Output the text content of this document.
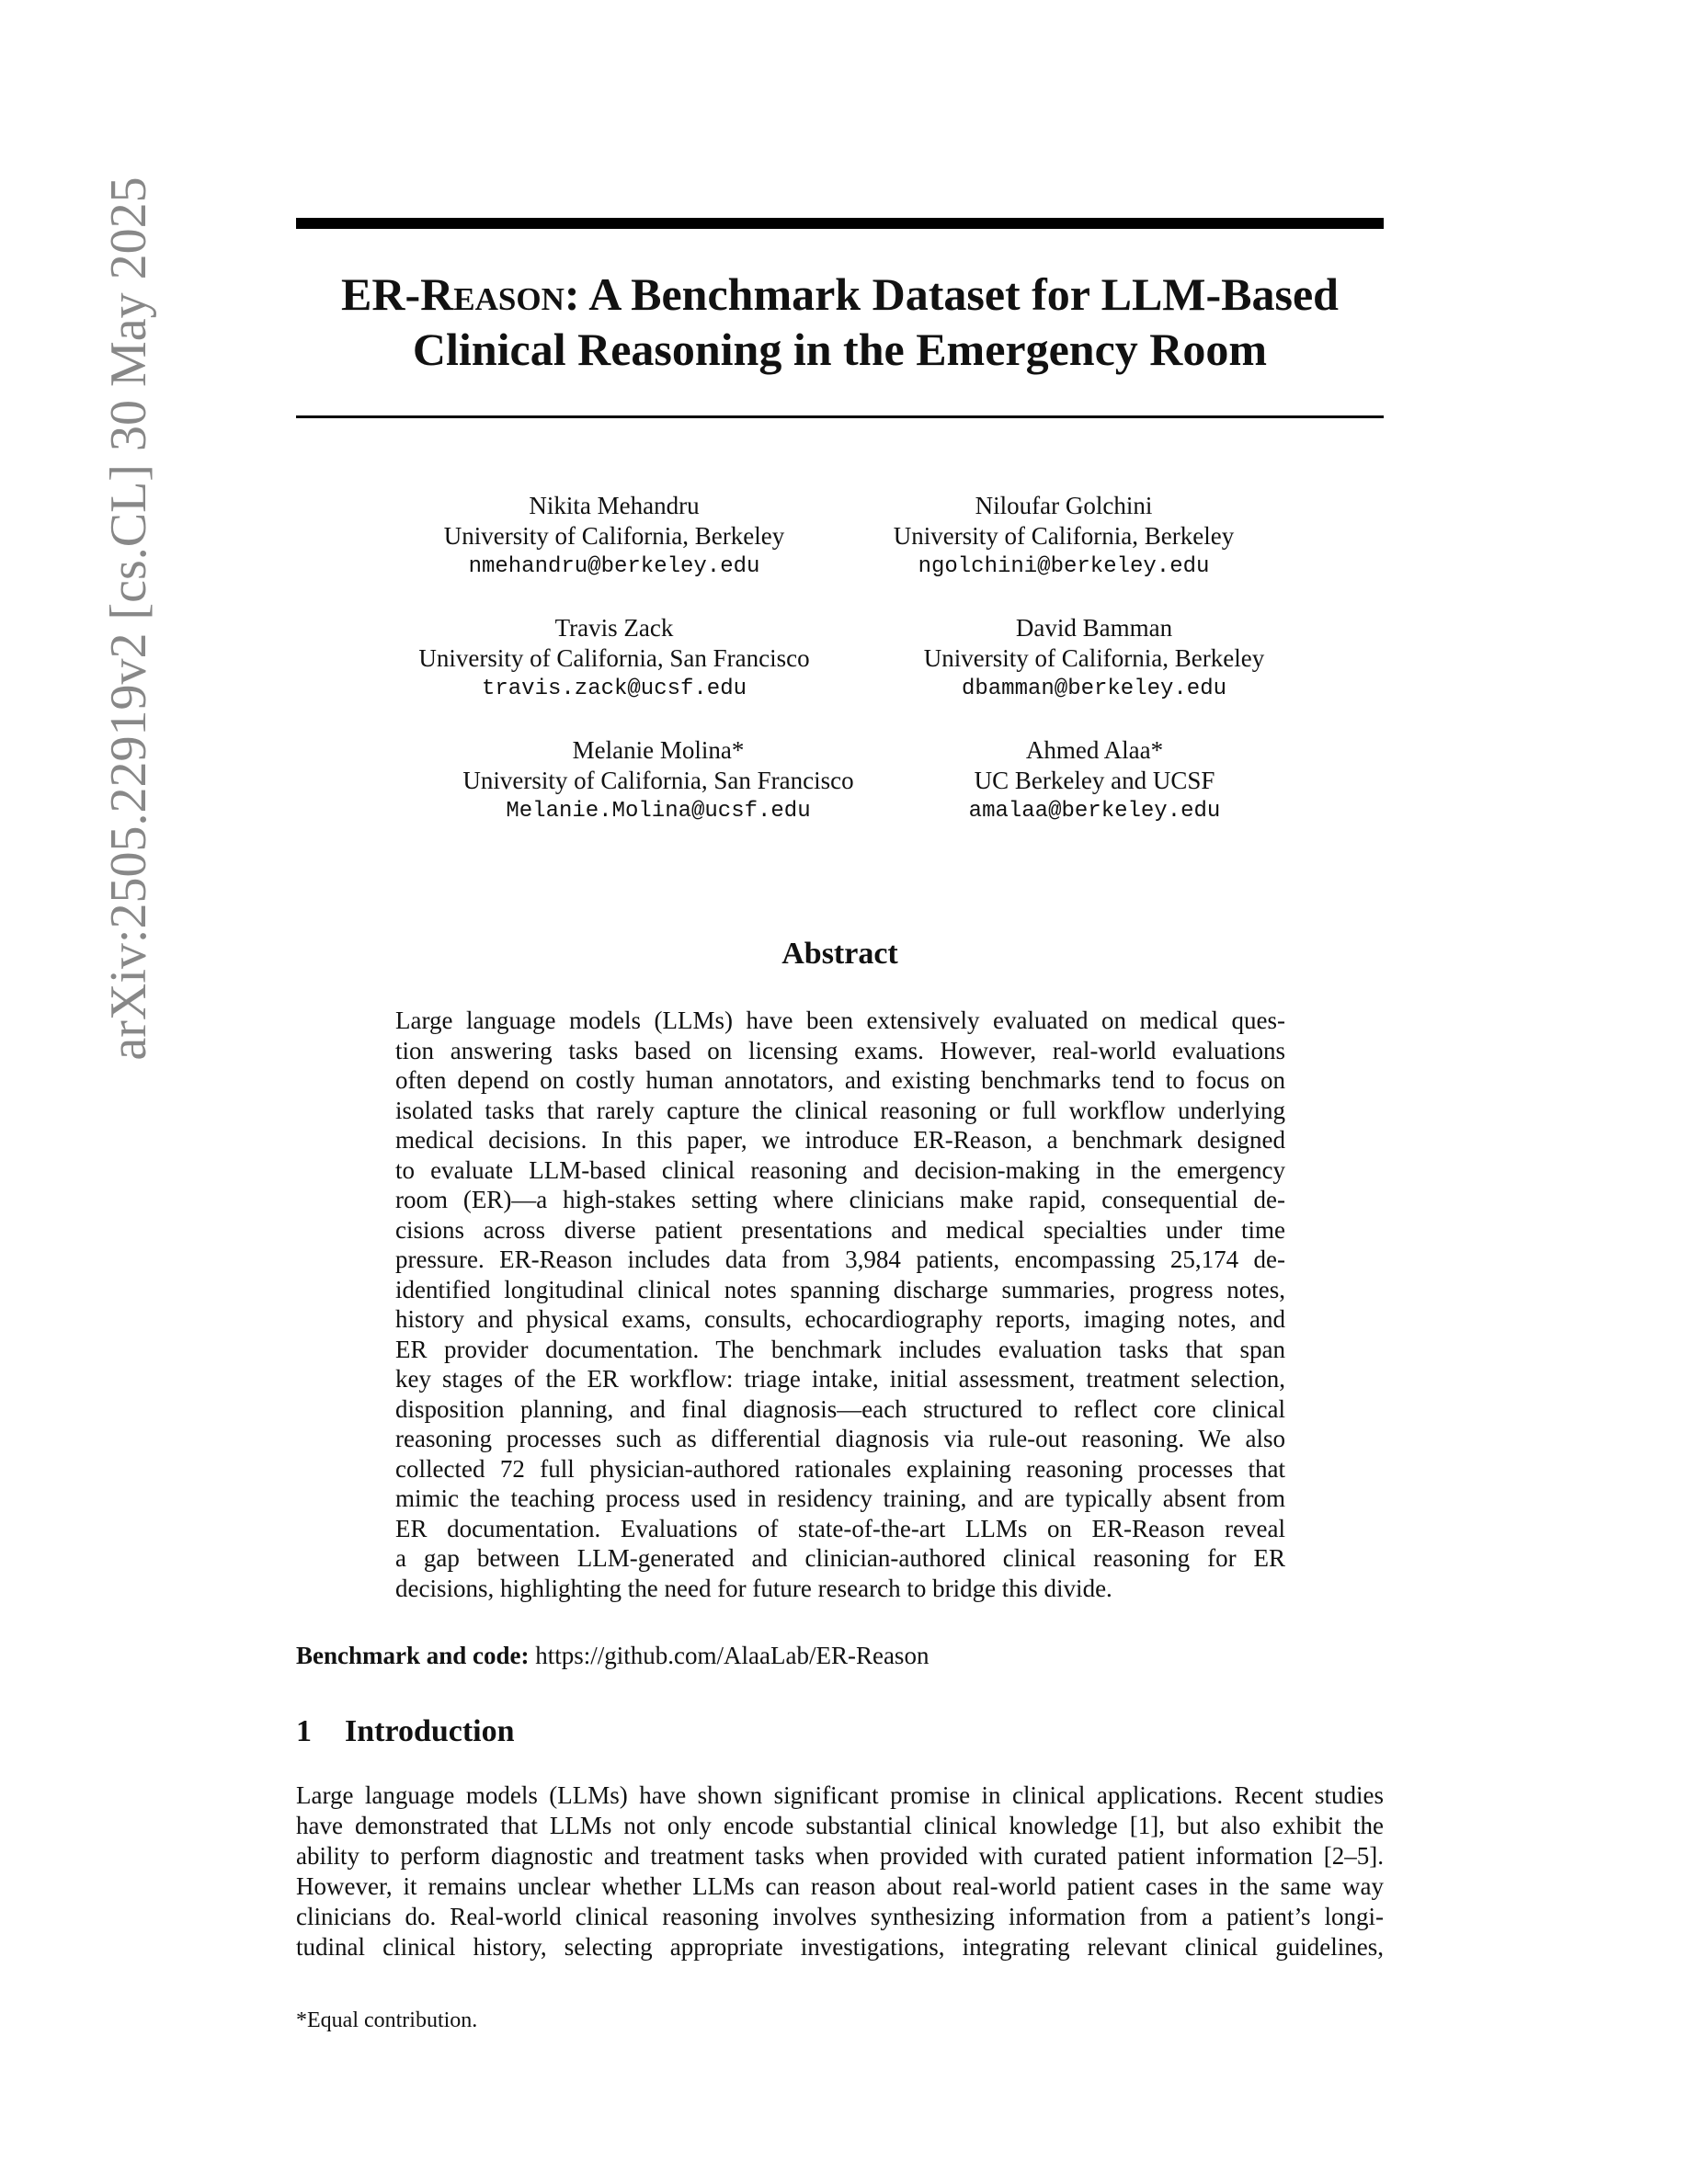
arXiv:2505.22919v2 [cs.CL] 30 May 2025	ER-Reason: A Benchmark Dataset for LLM-Based
Clinical Reasoning in the Emergency Room
Nikita Mehandru
University of California, Berkeley
nmehandru@berkeley.edu
Niloufar Golchini
University of California, Berkeley
ngolchini@berkeley.edu
Travis Zack
University of California, San Francisco
travis.zack@ucsf.edu
David Bamman
University of California, Berkeley
dbamman@berkeley.edu
Melanie Molina*
University of California, San Francisco
Melanie.Molina@ucsf.edu
Ahmed Alaa*
UC Berkeley and UCSF
amalaa@berkeley.edu
Abstract
Large language models (LLMs) have been extensively evaluated on medical ques-
tion answering tasks based on licensing exams. However, real-world evaluations
often depend on costly human annotators, and existing benchmarks tend to focus on
isolated tasks that rarely capture the clinical reasoning or full workflow underlying
medical decisions. In this paper, we introduce ER-Reason, a benchmark designed
to evaluate LLM-based clinical reasoning and decision-making in the emergency
room (ER)—a high-stakes setting where clinicians make rapid, consequential de-
cisions across diverse patient presentations and medical specialties under time
pressure. ER-Reason includes data from 3,984 patients, encompassing 25,174 de-
identified longitudinal clinical notes spanning discharge summaries, progress notes,
history and physical exams, consults, echocardiography reports, imaging notes, and
ER provider documentation. The benchmark includes evaluation tasks that span
key stages of the ER workflow: triage intake, initial assessment, treatment selection,
disposition planning, and final diagnosis—each structured to reflect core clinical
reasoning processes such as differential diagnosis via rule-out reasoning. We also
collected 72 full physician-authored rationales explaining reasoning processes that
mimic the teaching process used in residency training, and are typically absent from
ER documentation. Evaluations of state-of-the-art LLMs on ER-Reason reveal
a gap between LLM-generated and clinician-authored clinical reasoning for ER
decisions, highlighting the need for future research to bridge this divide.
Benchmark and code: https://github.com/AlaaLab/ER-Reason
1 Introduction
Large language models (LLMs) have shown significant promise in clinical applications. Recent studies
have demonstrated that LLMs not only encode substantial clinical knowledge [1], but also exhibit the
ability to perform diagnostic and treatment tasks when provided with curated patient information [2–5].
However, it remains unclear whether LLMs can reason about real-world patient cases in the same way
clinicians do. Real-world clinical reasoning involves synthesizing information from a patient’s longi-
tudinal clinical history, selecting appropriate investigations, integrating relevant clinical guidelines,
*Equal contribution.
